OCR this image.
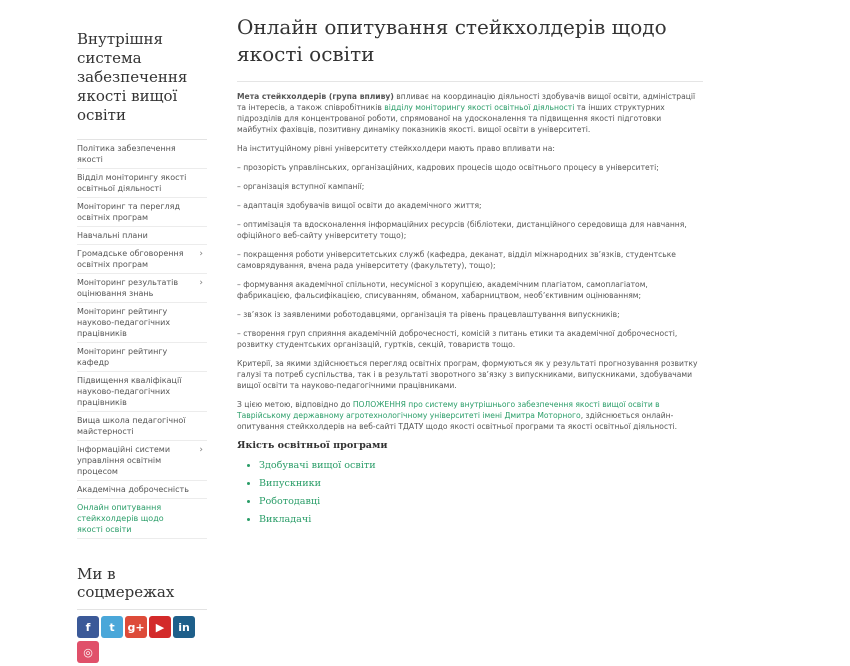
Внутрішня система забезпечення якості вищої освіти
Політика забезпечення якості
Відділ моніторингу якості освітньої діяльності
Моніторинг та перегляд освітніх програм
Навчальні плани
Громадське обговорення освітніх програм
›
Моніторинг результатів оцінювання знань
›
Моніторинг рейтингу науково-педагогічних працівників
Моніторинг рейтингу кафедр
Підвищення кваліфікації науково-педагогічних працівників
Вища школа педагогічної майстерності
Інформаційні системи управління освітнім процесом
›
Академічна доброчесність
Онлайн опитування стейкхолдерів щодо якості освіти
Ми в соцмережах
f	t	g+	▶	in
◎
Онлайн опитування стейкхолдерів щодо якості освіти

Мета стейкхолдерів (група впливу) впливає на координацію діяльності здобувачів вищої освіти, адміністрації та інтересів, а також співробітників відділу моніторингу якості освітньої діяльності та інших структурних підрозділів для концентрованої роботи, спрямованої на удосконалення та підвищення якості підготовки майбутніх фахівців, позитивну динаміку показників якості. вищої освіти в університеті.

На інституційному рівні університету стейкхолдери мають право впливати на:

– прозорість управлінських, організаційних, кадрових процесів щодо освітнього процесу в університеті;

– організація вступної кампанії;

– адаптація здобувачів вищої освіти до академічного життя;

– оптимізація та вдосконалення інформаційних ресурсів (бібліотеки, дистанційного середовища для навчання, офіційного веб-сайту університету тощо);

– покращення роботи університетських служб (кафедра, деканат, відділ міжнародних зв’язків, студентське самоврядування, вчена рада університету (факультету), тощо);

– формування академічної спільноти, несумісної з корупцією, академічним плагіатом, самоплагіатом, фабрикацією, фальсифікацією, списуванням, обманом, хабарництвом, необ’єктивним оцінюванням;

– зв’язок із заявленими роботодавцями, організація та рівень працевлаштування випускників;

– створення груп сприяння академічній доброчесності, комісій з питань етики та академічної доброчесності, розвитку студентських організацій, гуртків, секцій, товариств тощо.

Критерії, за якими здійснюється перегляд освітніх програм, формуються як у результаті прогнозування розвитку галузі та потреб суспільства, так і в результаті зворотного зв’язку з випускниками, випускниками, здобувачами вищої освіти та науково-педагогічними працівниками.

З цією метою, відповідно до ПОЛОЖЕННЯ про систему внутрішнього забезпечення якості вищої освіти в Таврійському державному агротехнологічному університеті імені Дмитра Моторного, здійснюється онлайн-опитування стейкхолдерів на веб-сайті ТДАТУ щодо якості освітньої програми та якості освітньої діяльності.

Якість освітньої програми
• Здобувачі вищої освіти
• Випускники
• Роботодавці
• Викладачі
